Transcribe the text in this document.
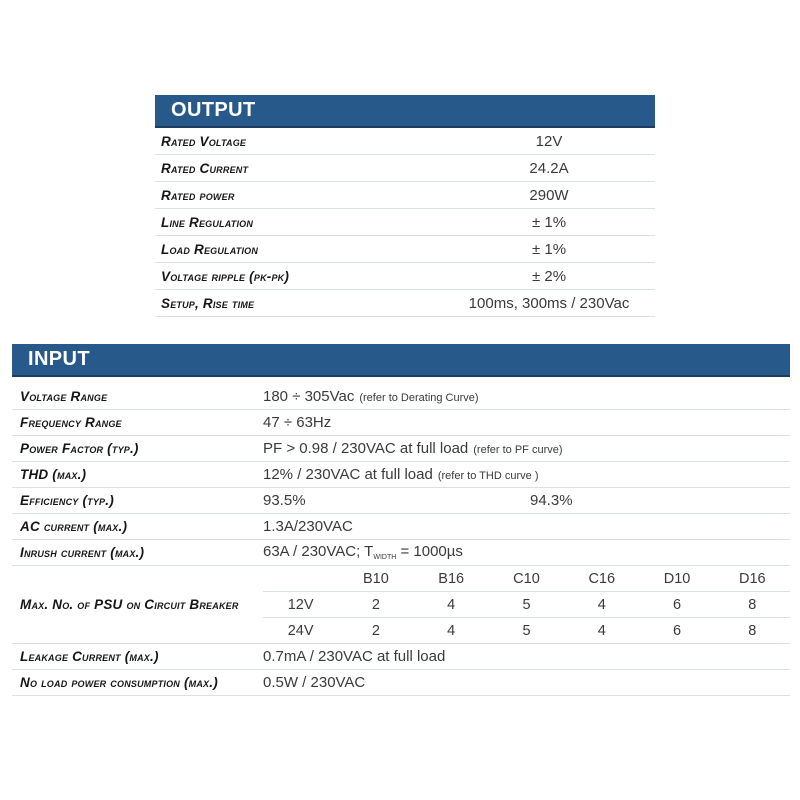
OUTPUT
Rated Voltage	12V
Rated Current	24.2A
Rated power	290W
Line Regulation	± 1%
Load Regulation	± 1%
Voltage ripple (pk-pk)	± 2%
Setup, Rise time	100ms, 300ms / 230Vac
INPUT
Voltage Range	180 ÷ 305Vac (refer to Derating Curve)
Frequency Range	47 ÷ 63Hz
Power Factor (typ.)	PF > 0.98 / 230VAC at full load (refer to PF curve)
THD (max.)	12% / 230VAC at full load (refer to THD curve )
Efficiency (typ.)	93.5%	94.3%
AC current (max.)	1.3A/230VAC
Inrush current (max.)	63A / 230VAC; $T_{width} = 1000\mu s$
Max. No. of PSU on Circuit Breaker
B10	B16	C10	C16	D10	D16
12V	2	4	5	4	6	8
24V	2	4	5	4	6	8
Leakage Current (max.)	0.7mA / 230VAC at full load
No load power consumption (max.)	0.5W / 230VAC
